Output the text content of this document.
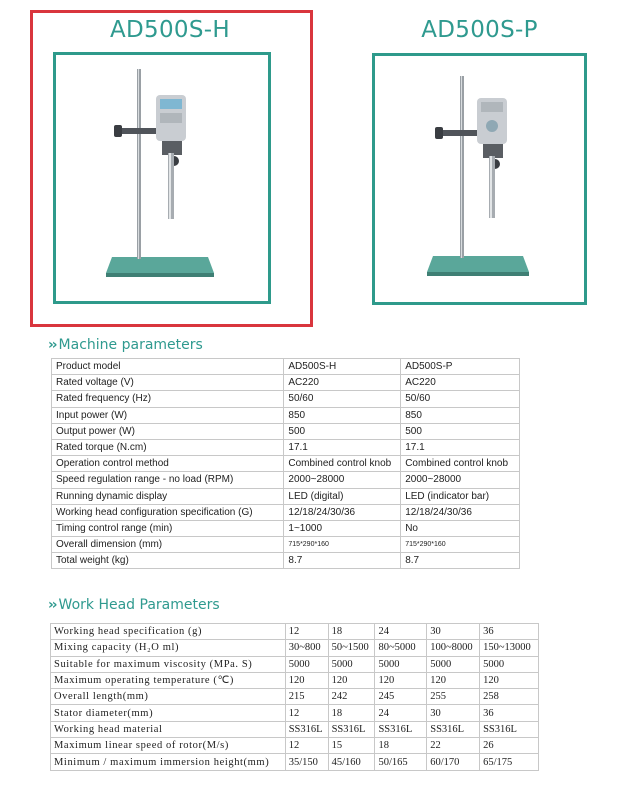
AD500S-H	AD500S-P
›› Machine parameters
Product model	AD500S-H	AD500S-P
Rated voltage (V)	AC220	AC220
Rated frequency (Hz)	50/60	50/60
Input power (W)	850	850
Output power (W)	500	500
Rated torque (N.cm)	17.1	17.1
Operation control method	Combined control knob	Combined control knob
Speed regulation range - no load (RPM)	2000~28000	2000~28000
Running dynamic display	LED (digital)	LED (indicator bar)
Working head configuration specification (G)	12/18/24/30/36	12/18/24/30/36
Timing control range (min)	1~1000	No
Overall dimension (mm)	715*290*160	715*290*160
Total weight (kg)	8.7	8.7
›› Work Head Parameters
Working head specification (g)	12	18	24	30	36
Mixing capacity (H₂O ml)	30~800	50~1500	80~5000	100~8000	150~13000
Suitable for maximum viscosity (MPa. S)	5000	5000	5000	5000	5000
Maximum operating temperature (℃)	120	120	120	120	120
Overall length(mm)	215	242	245	255	258
Stator diameter(mm)	12	18	24	30	36
Working head material	SS316L	SS316L	SS316L	SS316L	SS316L
Maximum linear speed of rotor(M/s)	12	15	18	22	26
Minimum / maximum immersion height(mm)	35/150	45/160	50/165	60/170	65/175
